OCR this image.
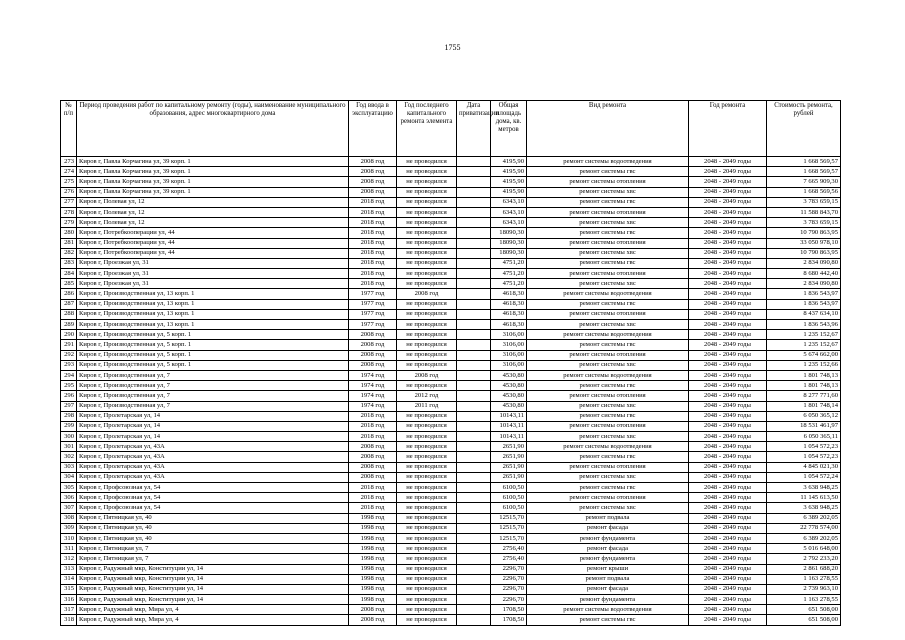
1755
№ п/п	Период проведения работ по капитальному ремонту (годы), наименование муниципального образования, адрес многоквартирного дома	Год ввода в эксплуатацию	Год последнего капитального ремонта элемента	Дата приватизации	Общая площадь дома, кв. метров	Вид ремонта	Год ремонта	Стоимость ремонта, рублей
273	Киров г, Павла Корчагина ул, 39 корп. 1	2008 год	не проводился		4195,90	ремонт системы водоотведения	2048 - 2049 годы	1 668 569,57
274	Киров г, Павла Корчагина ул, 39 корп. 1	2008 год	не проводился		4195,90	ремонт системы гвс	2048 - 2049 годы	1 668 569,57
275	Киров г, Павла Корчагина ул, 39 корп. 1	2008 год	не проводился		4195,90	ремонт системы отопления	2048 - 2049 годы	7 665 909,30
276	Киров г, Павла Корчагина ул, 39 корп. 1	2008 год	не проводился		4195,90	ремонт системы хвс	2048 - 2049 годы	1 668 569,56
277	Киров г, Полевая ул, 12	2018 год	не проводился		6343,10	ремонт системы гвс	2048 - 2049 годы	3 783 659,15
278	Киров г, Полевая ул, 12	2018 год	не проводился		6343,10	ремонт системы отопления	2048 - 2049 годы	11 588 843,70
279	Киров г, Полевая ул, 12	2018 год	не проводился		6343,10	ремонт системы хвс	2048 - 2049 годы	3 783 659,15
280	Киров г, Потребкооперации ул, 44	2018 год	не проводился		18090,30	ремонт системы гвс	2048 - 2049 годы	10 790 863,95
281	Киров г, Потребкооперации ул, 44	2018 год	не проводился		18090,30	ремонт системы отопления	2048 - 2049 годы	33 050 978,10
282	Киров г, Потребкооперации ул, 44	2018 год	не проводился		18090,30	ремонт системы хвс	2048 - 2049 годы	10 790 863,95
283	Киров г, Проезжая ул, 31	2018 год	не проводился		4751,20	ремонт системы гвс	2048 - 2049 годы	2 834 090,80
284	Киров г, Проезжая ул, 31	2018 год	не проводился		4751,20	ремонт системы отопления	2048 - 2049 годы	8 680 442,40
285	Киров г, Проезжая ул, 31	2018 год	не проводился		4751,20	ремонт системы хвс	2048 - 2049 годы	2 834 090,80
286	Киров г, Производственная ул, 13 корп. 1	1977 год	2008 год		4618,30	ремонт системы водоотведения	2048 - 2049 годы	1 836 543,97
287	Киров г, Производственная ул, 13 корп. 1	1977 год	не проводился		4618,30	ремонт системы гвс	2048 - 2049 годы	1 836 543,97
288	Киров г, Производственная ул, 13 корп. 1	1977 год	не проводился		4618,30	ремонт системы отопления	2048 - 2049 годы	8 437 634,10
289	Киров г, Производственная ул, 13 корп. 1	1977 год	не проводился		4618,30	ремонт системы хвс	2048 - 2049 годы	1 836 543,96
290	Киров г, Производственная ул, 5 корп. 1	2008 год	не проводился		3106,00	ремонт системы водоотведения	2048 - 2049 годы	1 235 152,67
291	Киров г, Производственная ул, 5 корп. 1	2008 год	не проводился		3106,00	ремонт системы гвс	2048 - 2049 годы	1 235 152,67
292	Киров г, Производственная ул, 5 корп. 1	2008 год	не проводился		3106,00	ремонт системы отопления	2048 - 2049 годы	5 674 662,00
293	Киров г, Производственная ул, 5 корп. 1	2008 год	не проводился		3106,00	ремонт системы хвс	2048 - 2049 годы	1 235 152,66
294	Киров г, Производственная ул, 7	1974 год	2008 год		4530,80	ремонт системы водоотведения	2048 - 2049 годы	1 801 748,13
295	Киров г, Производственная ул, 7	1974 год	не проводился		4530,80	ремонт системы гвс	2048 - 2049 годы	1 801 748,13
296	Киров г, Производственная ул, 7	1974 год	2012 год		4530,80	ремонт системы отопления	2048 - 2049 годы	8 277 771,60
297	Киров г, Производственная ул, 7	1974 год	2011 год		4530,80	ремонт системы хвс	2048 - 2049 годы	1 801 748,14
298	Киров г, Пролетарская ул, 14	2018 год	не проводился		10143,11	ремонт системы гвс	2048 - 2049 годы	6 050 365,12
299	Киров г, Пролетарская ул, 14	2018 год	не проводился		10143,11	ремонт системы отопления	2048 - 2049 годы	18 531 461,97
300	Киров г, Пролетарская ул, 14	2018 год	не проводился		10143,11	ремонт системы хвс	2048 - 2049 годы	6 050 365,11
301	Киров г, Пролетарская ул, 43А	2008 год	не проводился		2651,90	ремонт системы водоотведения	2048 - 2049 годы	1 054 572,23
302	Киров г, Пролетарская ул, 43А	2008 год	не проводился		2651,90	ремонт системы гвс	2048 - 2049 годы	1 054 572,23
303	Киров г, Пролетарская ул, 43А	2008 год	не проводился		2651,90	ремонт системы отопления	2048 - 2049 годы	4 845 021,30
304	Киров г, Пролетарская ул, 43А	2008 год	не проводился		2651,90	ремонт системы хвс	2048 - 2049 годы	1 054 572,24
305	Киров г, Профсоюзная ул, 54	2018 год	не проводился		6100,50	ремонт системы гвс	2048 - 2049 годы	3 638 948,25
306	Киров г, Профсоюзная ул, 54	2018 год	не проводился		6100,50	ремонт системы отопления	2048 - 2049 годы	11 145 613,50
307	Киров г, Профсоюзная ул, 54	2018 год	не проводился		6100,50	ремонт системы хвс	2048 - 2049 годы	3 638 948,25
308	Киров г, Пятницкая ул, 40	1998 год	не проводился		12515,70	ремонт подвала	2048 - 2049 годы	6 389 202,05
309	Киров г, Пятницкая ул, 40	1998 год	не проводился		12515,70	ремонт фасада	2048 - 2049 годы	22 778 574,00
310	Киров г, Пятницкая ул, 40	1998 год	не проводился		12515,70	ремонт фундамента	2048 - 2049 годы	6 389 202,05
311	Киров г, Пятницкая ул, 7	1998 год	не проводился		2756,40	ремонт фасада	2048 - 2049 годы	5 016 648,00
312	Киров г, Пятницкая ул, 7	1998 год	не проводился		2756,40	ремонт фундамента	2048 - 2049 годы	2 792 233,20
313	Киров г, Радужный мкр, Конституции ул, 14	1998 год	не проводился		2296,70	ремонт крыши	2048 - 2049 годы	2 861 688,20
314	Киров г, Радужный мкр, Конституции ул, 14	1998 год	не проводился		2296,70	ремонт подвала	2048 - 2049 годы	1 163 278,55
315	Киров г, Радужный мкр, Конституции ул, 14	1998 год	не проводился		2296,70	ремонт фасада	2048 - 2049 годы	2 739 963,10
316	Киров г, Радужный мкр, Конституции ул, 14	1998 год	не проводился		2296,70	ремонт фундамента	2048 - 2049 годы	1 163 278,55
317	Киров г, Радужный мкр, Мира ул, 4	2008 год	не проводился		1708,50	ремонт системы водоотведения	2048 - 2049 годы	651 508,00
318	Киров г, Радужный мкр, Мира ул, 4	2008 год	не проводился		1708,50	ремонт системы гвс	2048 - 2049 годы	651 508,00
